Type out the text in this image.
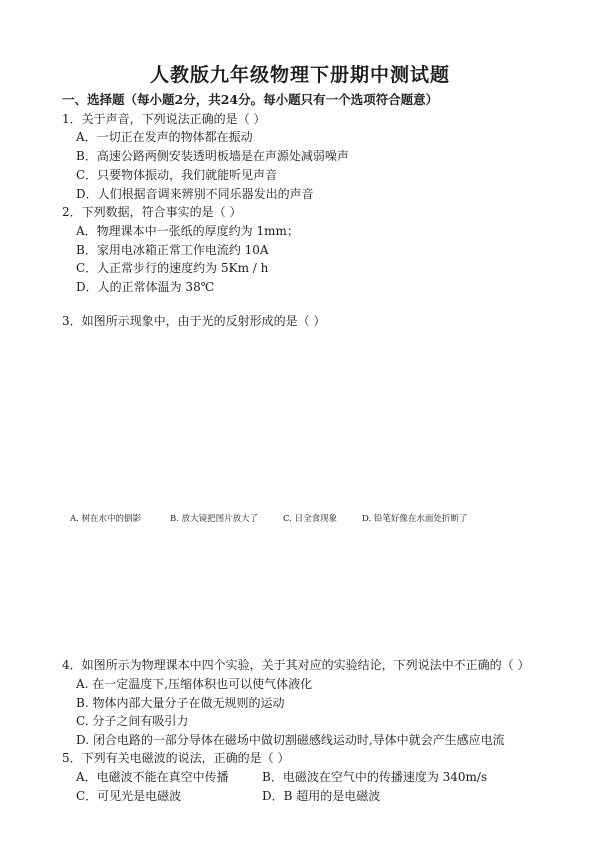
人教版九年级物理下册期中测试题
一、选择题（每小题2分，共24分。每小题只有一个选项符合题意）
1．关于声音，下列说法正确的是（ ）
A．一切正在发声的物体都在振动
B．高速公路两侧安装透明板墙是在声源处减弱噪声
C．只要物体振动，我们就能听见声音
D．人们根据音调来辨别不同乐器发出的声音
2．下列数据，符合事实的是（ ）
A．物理课本中一张纸的厚度约为 1mm；
B．家用电冰箱正常工作电流约 10A
C．人正常步行的速度约为 5Km / h
D．人的正常体温为 38℃
3．如图所示现象中，由于光的反射形成的是（ ）
A. 树在水中的倒影	B. 放大镜把图片放大了	C. 日全食现象	D. 铅笔好像在水面处折断了
4．如图所示为物理课本中四个实验，关于其对应的实验结论，下列说法中不正确的（ ）
A. 在一定温度下,压缩体积也可以使气体液化
B. 物体内部大量分子在做无规则的运动
C. 分子之间有吸引力
D. 闭合电路的一部分导体在磁场中做切割磁感线运动时,导体中就会产生感应电流
5．下列有关电磁波的说法，正确的是（ ）
A．电磁波不能在真空中传播	B．电磁波在空气中的传播速度为 340m/s
C．可见光是电磁波	D．B 超用的是电磁波
